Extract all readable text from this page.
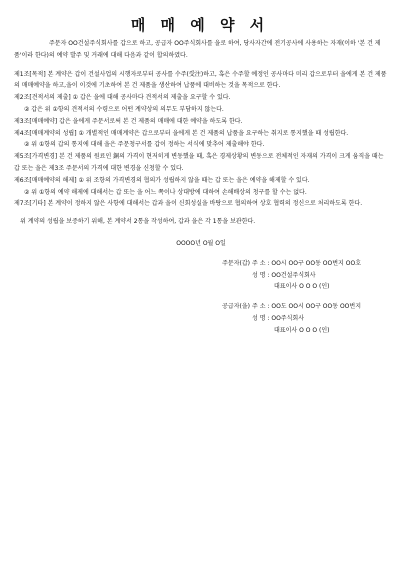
매 매 예 약 서
주문자 OO건설주식회사를 갑으로 하고, 공급자 OO주식회사를 을로 하여, 당사자간에 전기공사에 사용하는 자재(이하 '본 건 제품'이라 한다)의 예약 발주 및 거래에 대해 다음과 같이 합의하였다.
제1조[목적] 본 계약은 갑이 건설사업의 시행자로부터 공사를 수주(受注)하고, 혹은 수주할 예정인 공사마다 미리 갑으로부터 을에게 본 건 제품의 매매예약을 하고,을이 이것에 기초하여 본 건 제품을 생산하여 납품에 대비하는 것을 목적으로 한다.
제2조[견적서의 제출] ① 갑은 을에 대해 공사마다 견적서의 제출을 요구할 수 있다.
② 갑은 위 ①항의 견적서의 수령으로 어떤 계약상의 의무도 부담하지 않는다.
제3조[매매예약] 갑은 을에게 주문서로써 본 건 제품의 매매에 대한 예약을 하도록 한다.
제4조[매매계약의 성립] ① 개별적인 매매계약은 갑으로부터 을에게 본 건 제품의 납품을 요구하는 취지로 통지했을 때 성립한다.
② 위 ①항의 갑의 통지에 대해 을은 주문청구서를 갑이 정하는 서식에 맞추어 제출해야 한다.
제5조[가격변경] 본 건 제품의 원료인 銅의 가격이 현저히게 변동했을 때, 혹은 경제상황의 변동으로 전체적인 자재의 가격이 크게 움직을 때는 갑 또는 을은 제3조 주문서의 가격에 대한 변경을 신청할 수 있다.
제6조[매매예약의 해제] ① 위 조항의 가격변경의 협의가 성립하지 않을 때는 갑 또는 을은 예약을 해제할 수 있다.
② 위 ①항의 예약 해제에 대해서는 갑 또는 을 어느 쪽이나 상대방에 대하여 손해배상의 청구를 할 수는 없다.
제7조[기타] 본 계약이 정하지 않은 사항에 대해서는 갑과 을이 신회성실을 바탕으로 협의하여 상호 협력의 정신으로 처리하도록 한다.
위 계약의 성립을 보증하기 위해, 본 계약서 2통을 작성하여, 갑과 을은 각 1통을 보관한다.
OOOO년 O월 O일
주문자(갑) 주 소 :
OO시 OO구 OO동 OO번지 OO호
성 명 :
OO건설주식회사
대표이사 O O O (인)
공급자(을) 주 소 :
OO도 OO시 OO구 OO동 OO번지
성 명 :
OO주식회사
대표이사 O O O (인)
